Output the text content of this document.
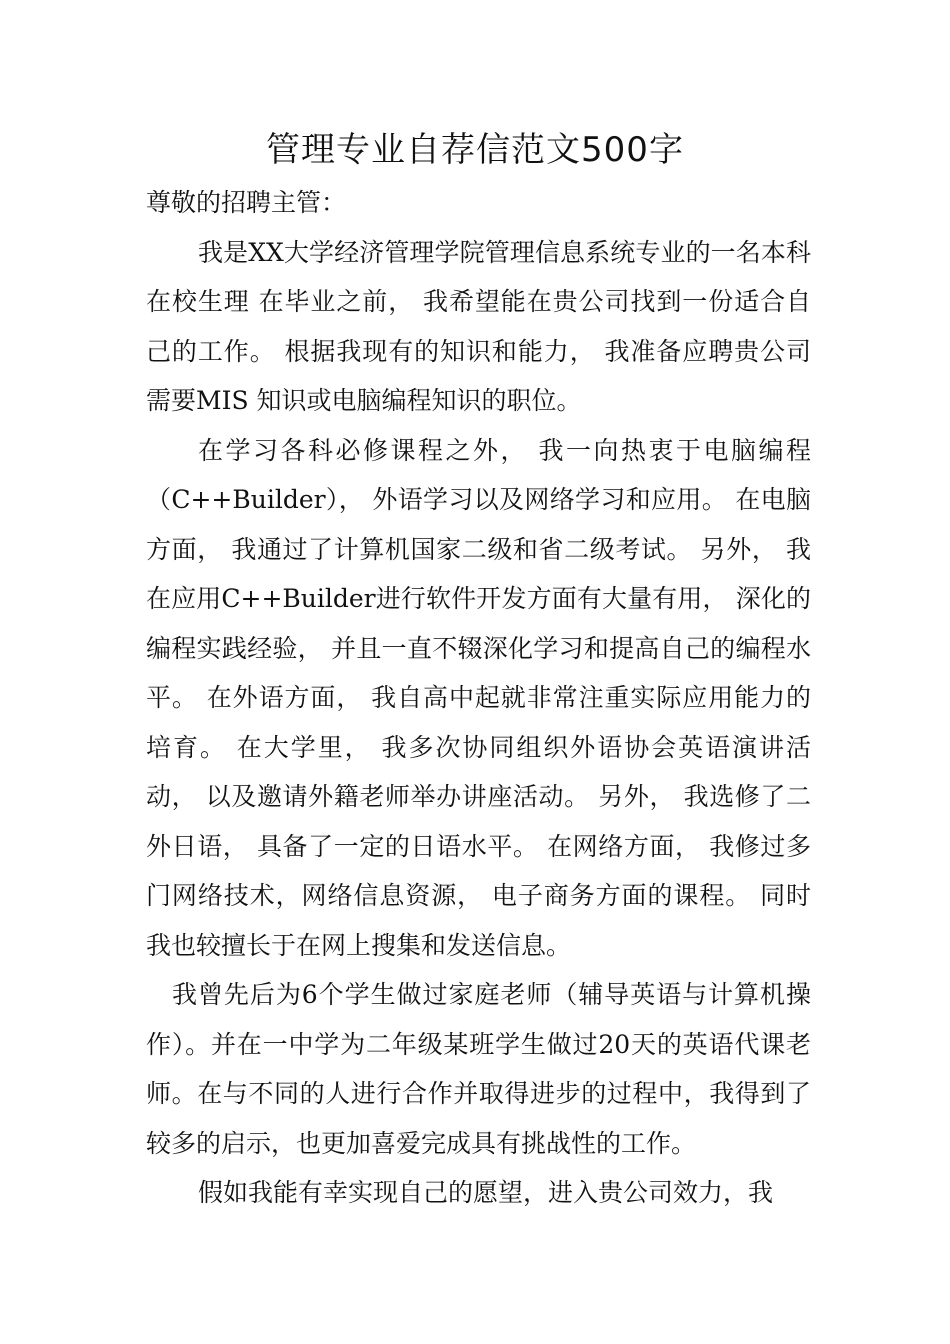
管理专业自荐信范文500字

尊敬的招聘主管：

我是XX大学经济管理学院管理信息系统专业的一名本科在校生理 在毕业之前， 我希望能在贵公司找到一份适合自己的工作。 根据我现有的知识和能力， 我准备应聘贵公司需要MIS 知识或电脑编程知识的职位。

在学习各科必修课程之外， 我一向热衷于电脑编程（C++Builder）， 外语学习以及网络学习和应用。 在电脑方面， 我通过了计算机国家二级和省二级考试。 另外， 我在应用C++Builder进行软件开发方面有大量有用， 深化的编程实践经验， 并且一直不辍深化学习和提高自己的编程水平。 在外语方面， 我自高中起就非常注重实际应用能力的培育。 在大学里， 我多次协同组织外语协会英语演讲活动， 以及邀请外籍老师举办讲座活动。 另外， 我选修了二外日语， 具备了一定的日语水平。 在网络方面， 我修过多门网络技术，网络信息资源， 电子商务方面的课程。 同时我也较擅长于在网上搜集和发送信息。

我曾先后为6个学生做过家庭老师（辅导英语与计算机操作）。并在一中学为二年级某班学生做过20天的英语代课老师。在与不同的人进行合作并取得进步的过程中，我得到了较多的启示，也更加喜爱完成具有挑战性的工作。

假如我能有幸实现自己的愿望，进入贵公司效力，我
